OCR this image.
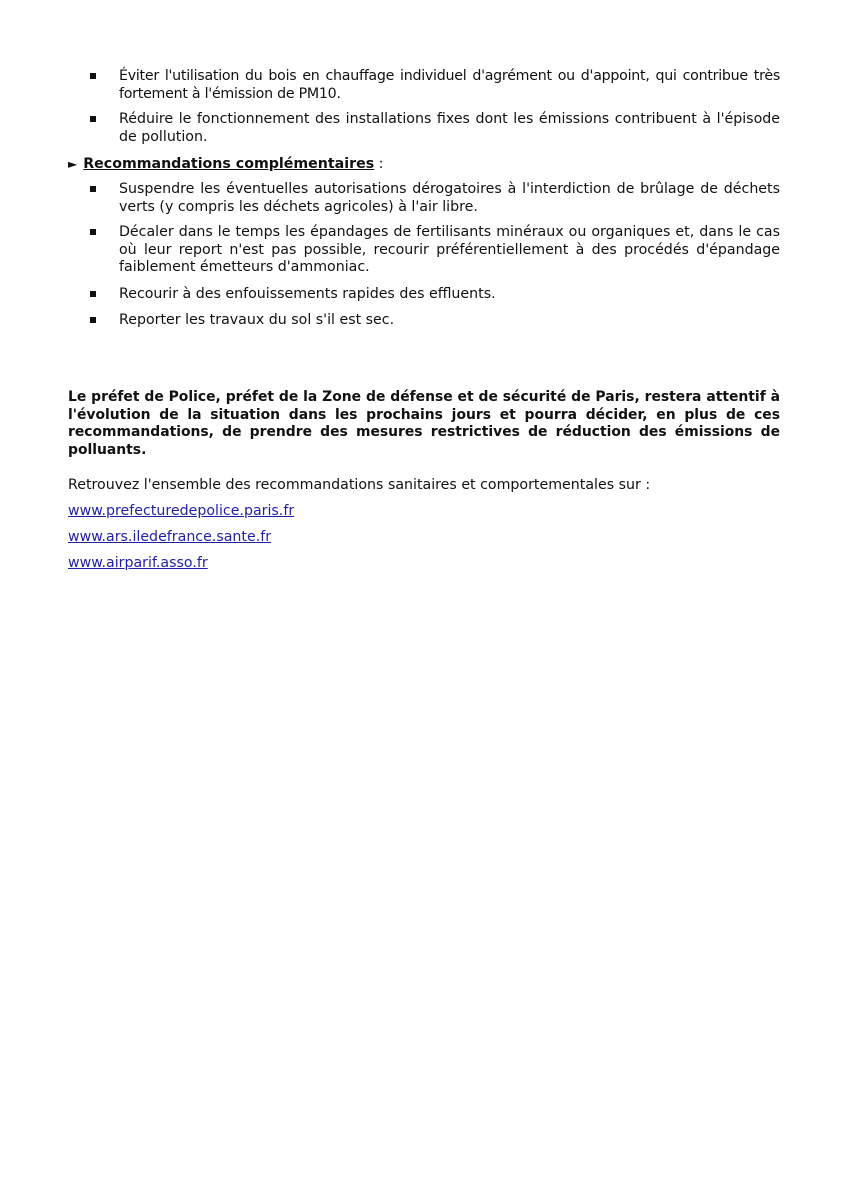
Éviter l'utilisation du bois en chauffage individuel d'agrément ou d'appoint, qui contribue très fortement à l'émission de PM10.
Réduire le fonctionnement des installations fixes dont les émissions contribuent à l'épisode de pollution.
► Recommandations complémentaires :
Suspendre les éventuelles autorisations dérogatoires à l'interdiction de brûlage de déchets verts (y compris les déchets agricoles) à l'air libre.
Décaler dans le temps les épandages de fertilisants minéraux ou organiques et, dans le cas où leur report n'est pas possible, recourir préférentiellement à des procédés d'épandage faiblement émetteurs d'ammoniac.
Recourir à des enfouissements rapides des effluents.
Reporter les travaux du sol s'il est sec.

Le préfet de Police, préfet de la Zone de défense et de sécurité de Paris, restera attentif à l'évolution de la situation dans les prochains jours et pourra décider, en plus de ces recommandations, de prendre des mesures restrictives de réduction des émissions de polluants.

Retrouvez l'ensemble des recommandations sanitaires et comportementales sur :
www.prefecturedepolice.paris.fr
www.ars.iledefrance.sante.fr
www.airparif.asso.fr
